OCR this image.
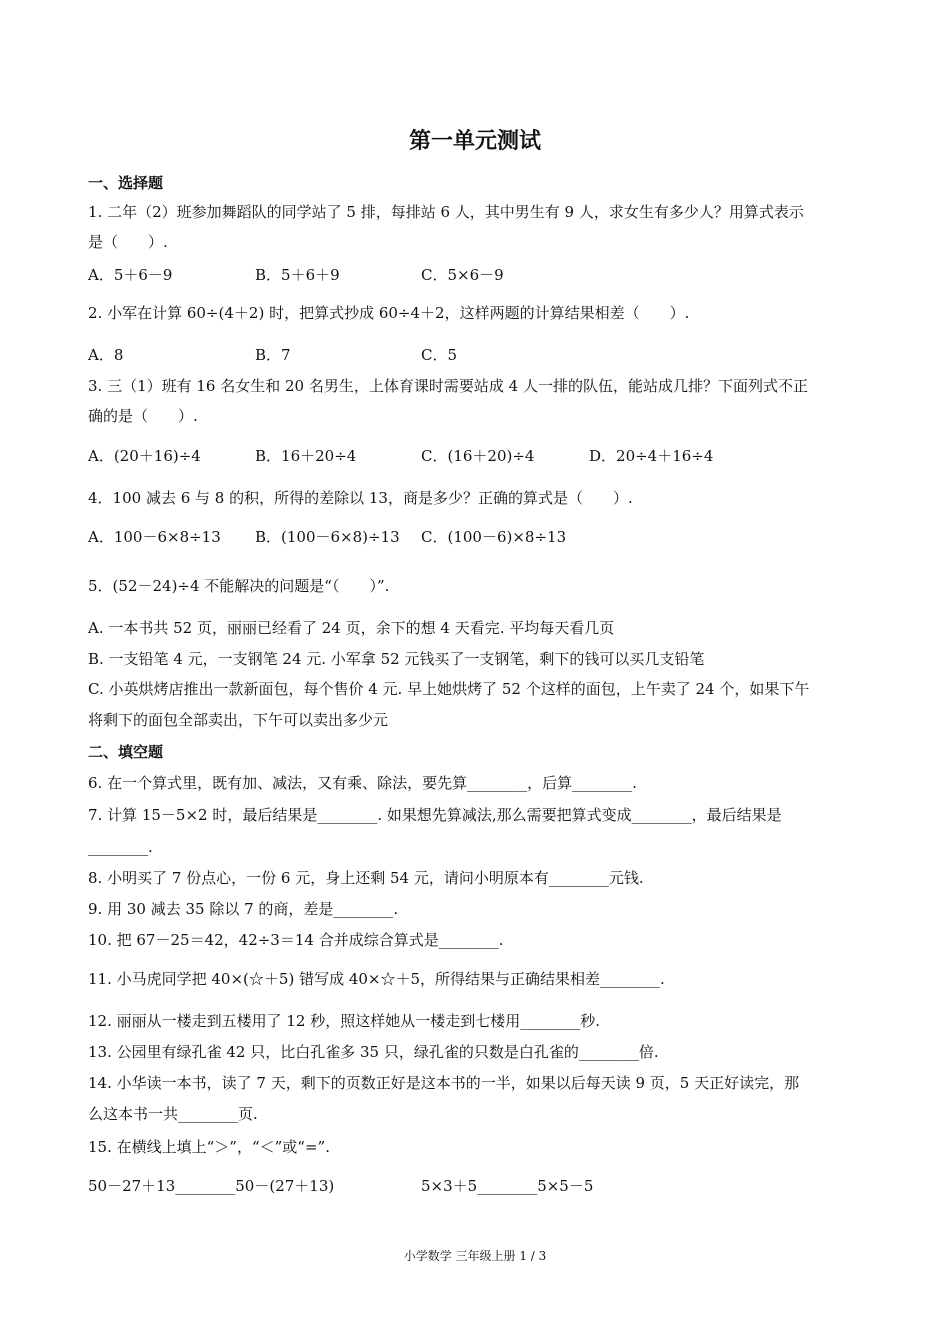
第一单元测试
一、选择题
1. 二年（2）班参加舞蹈队的同学站了 5 排，每排站 6 人，其中男生有 9 人，求女生有多少人？用算式表示
是（　　）.
A．5＋6－9	B．5＋6＋9	C．5×6－9
2. 小军在计算 60÷(4＋2) 时，把算式抄成 60÷4＋2，这样两题的计算结果相差（　　）.
A．8	B．7	C．5
3. 三（1）班有 16 名女生和 20 名男生，上体育课时需要站成 4 人一排的队伍，能站成几排？下面列式不正
确的是（　　）.
A．(20＋16)÷4	B．16＋20÷4	C．(16＋20)÷4	D．20÷4＋16÷4
4．100 减去 6 与 8 的积，所得的差除以 13，商是多少？正确的算式是（　　）.
A．100－6×8÷13 B．(100－6×8)÷13 C．(100－6)×8÷13
5．(52－24)÷4 不能解决的问题是“（　　）”.
A. 一本书共 52 页，丽丽已经看了 24 页，余下的想 4 天看完. 平均每天看几页
B. 一支铅笔 4 元，一支钢笔 24 元. 小军拿 52 元钱买了一支钢笔，剩下的钱可以买几支铅笔
C. 小英烘烤店推出一款新面包，每个售价 4 元. 早上她烘烤了 52 个这样的面包，上午卖了 24 个，如果下午
将剩下的面包全部卖出，下午可以卖出多少元
二、填空题
6. 在一个算式里，既有加、减法，又有乘、除法，要先算________，后算________.
7. 计算 15－5×2 时，最后结果是________. 如果想先算减法,那么需要把算式变成________，最后结果是
________.
8. 小明买了 7 份点心，一份 6 元，身上还剩 54 元，请问小明原本有________元钱.
9. 用 30 减去 35 除以 7 的商，差是________.
10. 把 67－25＝42，42÷3＝14 合并成综合算式是________.
11. 小马虎同学把 40×(☆＋5) 错写成 40×☆＋5，所得结果与正确结果相差________.
12. 丽丽从一楼走到五楼用了 12 秒，照这样她从一楼走到七楼用________秒.
13. 公园里有绿孔雀 42 只，比白孔雀多 35 只，绿孔雀的只数是白孔雀的________倍.
14. 小华读一本书，读了 7 天，剩下的页数正好是这本书的一半，如果以后每天读 9 页，5 天正好读完，那
么这本书一共________页.
15. 在横线上填上“＞”，“＜”或“=”.
50－27＋13________50－(27＋13)	5×3＋5________5×5－5
小学数学 三年级上册 1 / 3
